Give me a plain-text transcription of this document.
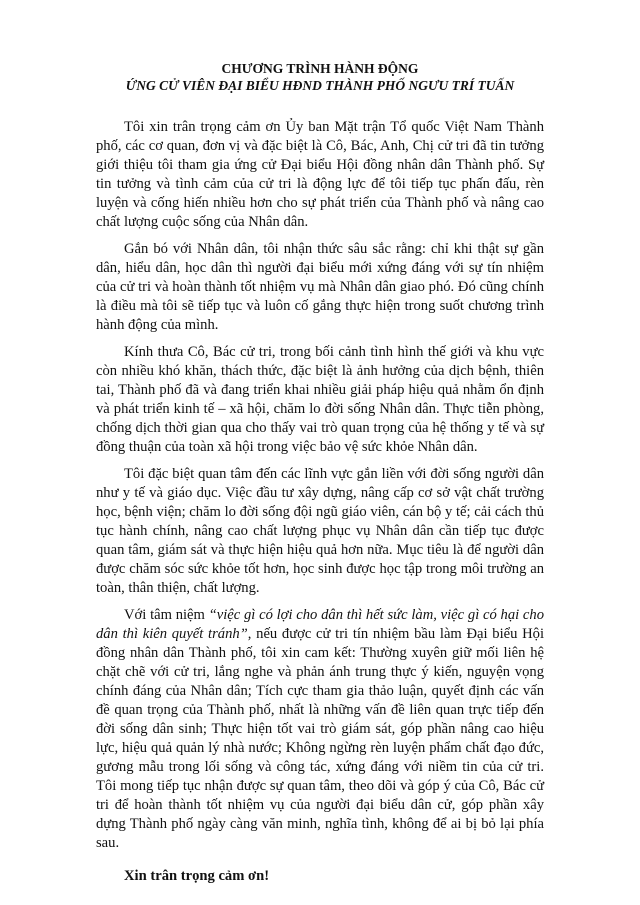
CHƯƠNG TRÌNH HÀNH ĐỘNG
ỨNG CỬ VIÊN ĐẠI BIỂU HĐND THÀNH PHỐ NGƯU TRÍ TUẤN

Tôi xin trân trọng cảm ơn Ủy ban Mặt trận Tổ quốc Việt Nam Thành phố, các cơ quan, đơn vị và đặc biệt là Cô, Bác, Anh, Chị cử tri đã tin tưởng giới thiệu tôi tham gia ứng cử Đại biểu Hội đồng nhân dân Thành phố. Sự tin tưởng và tình cảm của cử tri là động lực để tôi tiếp tục phấn đấu, rèn luyện và cống hiến nhiều hơn cho sự phát triển của Thành phố và nâng cao chất lượng cuộc sống của Nhân dân.

Gắn bó với Nhân dân, tôi nhận thức sâu sắc rằng: chỉ khi thật sự gần dân, hiểu dân, học dân thì người đại biểu mới xứng đáng với sự tín nhiệm của cử tri và hoàn thành tốt nhiệm vụ mà Nhân dân giao phó. Đó cũng chính là điều mà tôi sẽ tiếp tục và luôn cố gắng thực hiện trong suốt chương trình hành động của mình.

Kính thưa Cô, Bác cử tri, trong bối cảnh tình hình thế giới và khu vực còn nhiều khó khăn, thách thức, đặc biệt là ảnh hưởng của dịch bệnh, thiên tai, Thành phố đã và đang triển khai nhiều giải pháp hiệu quả nhằm ổn định và phát triển kinh tế – xã hội, chăm lo đời sống Nhân dân. Thực tiễn phòng, chống dịch thời gian qua cho thấy vai trò quan trọng của hệ thống y tế và sự đồng thuận của toàn xã hội trong việc bảo vệ sức khỏe Nhân dân.

Tôi đặc biệt quan tâm đến các lĩnh vực gắn liền với đời sống người dân như y tế và giáo dục. Việc đầu tư xây dựng, nâng cấp cơ sở vật chất trường học, bệnh viện; chăm lo đời sống đội ngũ giáo viên, cán bộ y tế; cải cách thủ tục hành chính, nâng cao chất lượng phục vụ Nhân dân cần tiếp tục được quan tâm, giám sát và thực hiện hiệu quả hơn nữa. Mục tiêu là để người dân được chăm sóc sức khỏe tốt hơn, học sinh được học tập trong môi trường an toàn, thân thiện, chất lượng.

Với tâm niệm “việc gì có lợi cho dân thì hết sức làm, việc gì có hại cho dân thì kiên quyết tránh”, nếu được cử tri tín nhiệm bầu làm Đại biểu Hội đồng nhân dân Thành phố, tôi xin cam kết: Thường xuyên giữ mối liên hệ chặt chẽ với cử tri, lắng nghe và phản ánh trung thực ý kiến, nguyện vọng chính đáng của Nhân dân; Tích cực tham gia thảo luận, quyết định các vấn đề quan trọng của Thành phố, nhất là những vấn đề liên quan trực tiếp đến đời sống dân sinh; Thực hiện tốt vai trò giám sát, góp phần nâng cao hiệu lực, hiệu quả quản lý nhà nước; Không ngừng rèn luyện phẩm chất đạo đức, gương mẫu trong lối sống và công tác, xứng đáng với niềm tin của cử tri. Tôi mong tiếp tục nhận được sự quan tâm, theo dõi và góp ý của Cô, Bác cử tri để hoàn thành tốt nhiệm vụ của người đại biểu dân cử, góp phần xây dựng Thành phố ngày càng văn minh, nghĩa tình, không để ai bị bỏ lại phía sau.

Xin trân trọng cảm ơn!
